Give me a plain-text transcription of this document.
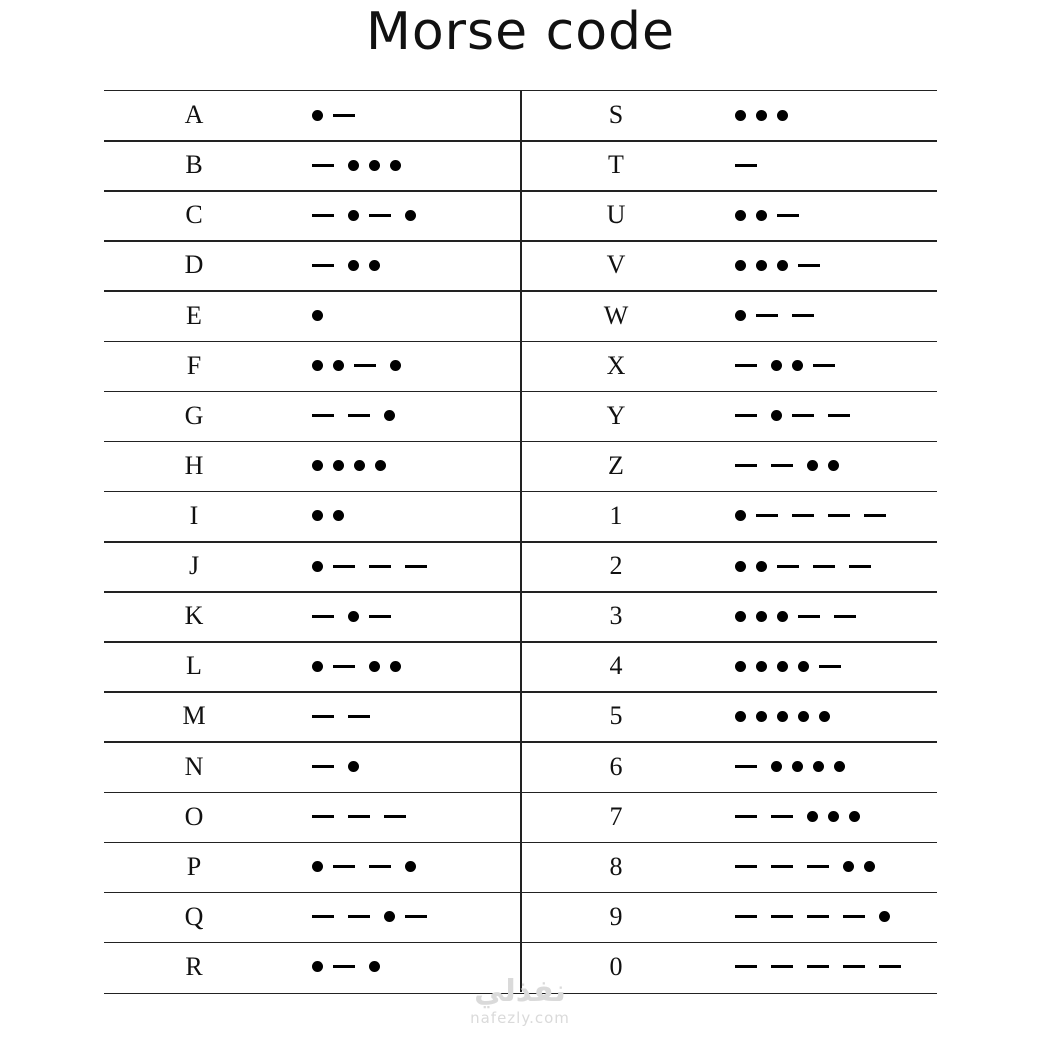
Morse code
A
B
C
D
E
F
G
H
I
J
K
L
M
N
O
P
Q
R
S
T
U
V
W
X
Y
Z
1
2
3
4
5
6
7
8
9
0
نفذلي
nafezly.com
